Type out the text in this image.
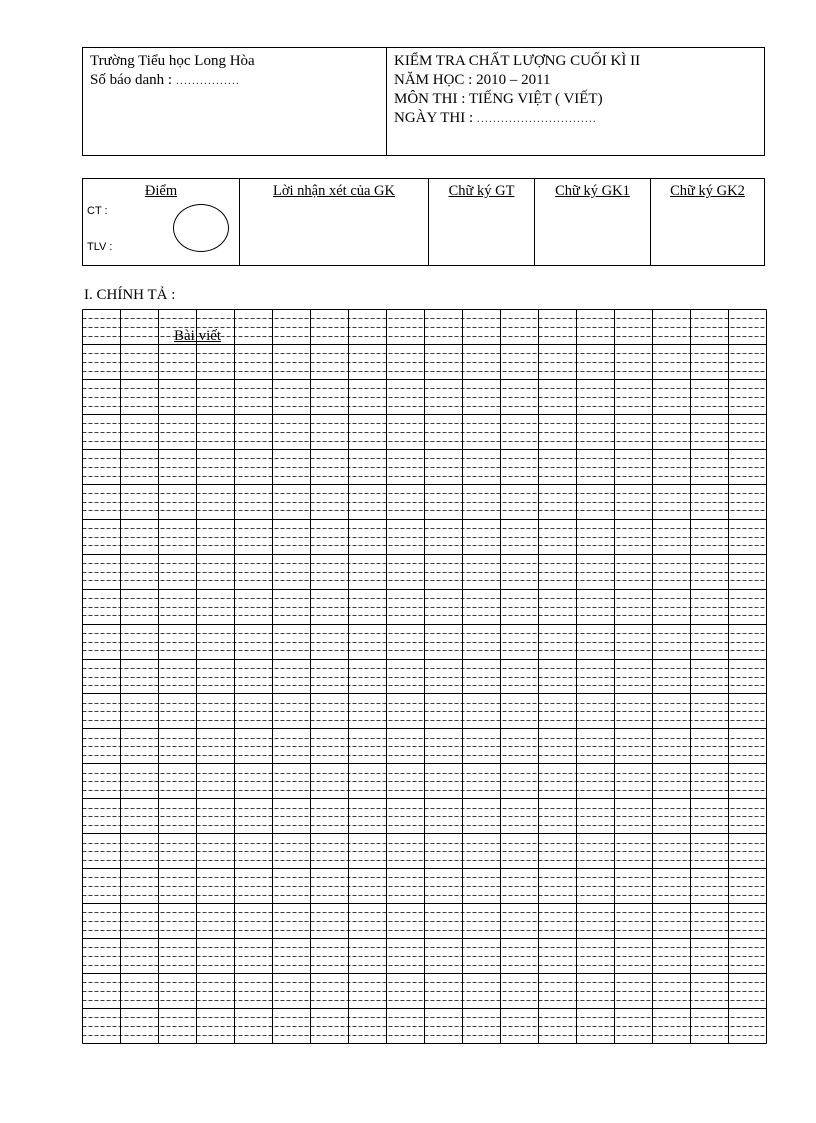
Trường Tiểu học Long Hòa
Số báo danh : ................
KIỂM TRA CHẤT LƯỢNG CUỐI KÌ II
NĂM HỌC : 2010 – 2011
MÔN THI : TIẾNG VIỆT ( VIẾT)
NGÀY THI : ..............................
Điểm
CT :
TLV :
Lời nhận xét của GK	Chữ ký GT	Chữ ký GK1	Chữ ký GK2
I. CHÍNH TẢ :
Bài viết
